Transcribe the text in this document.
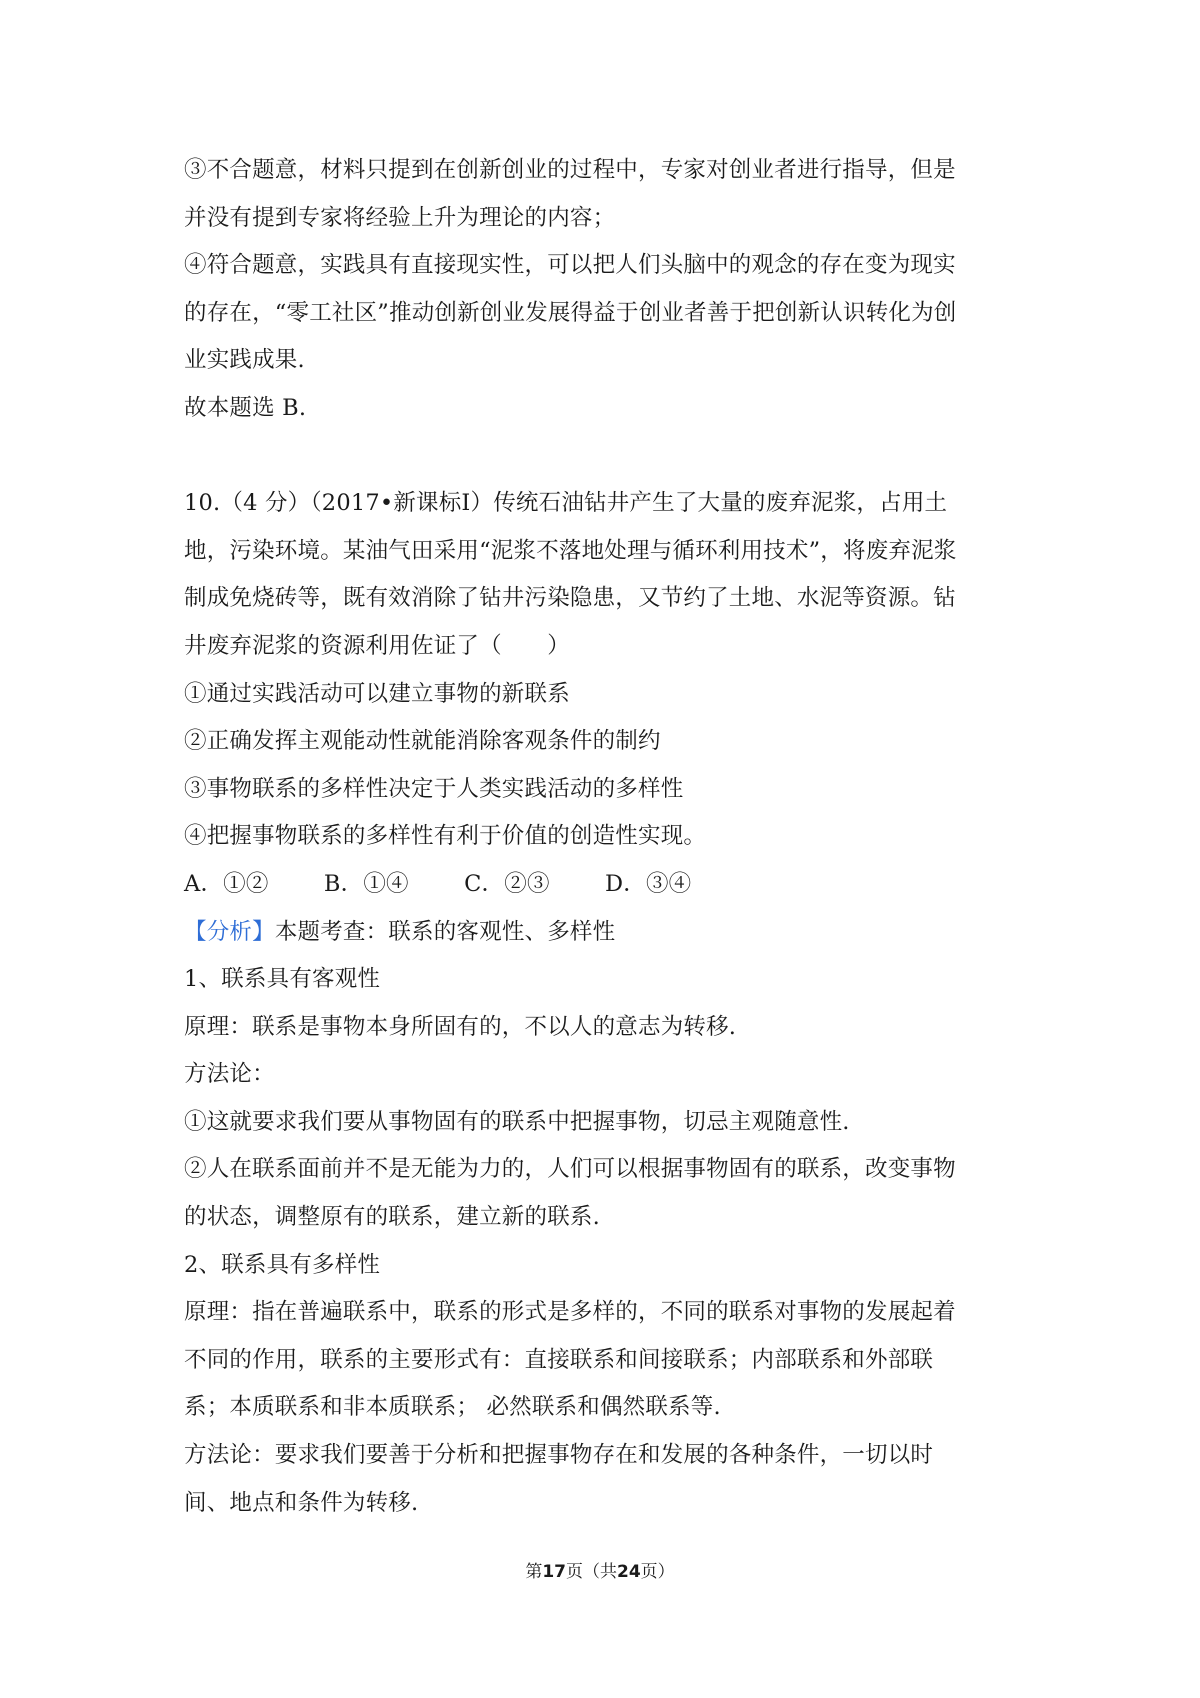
③不合题意，材料只提到在创新创业的过程中，专家对创业者进行指导，但是
并没有提到专家将经验上升为理论的内容；
④符合题意，实践具有直接现实性，可以把人们头脑中的观念的存在变为现实
的存在，“零工社区”推动创新创业发展得益于创业者善于把创新认识转化为创
业实践成果.
故本题选 B.
10.（4 分）（2017•新课标Ⅰ）传统石油钻井产生了大量的废弃泥浆，占用土
地，污染环境。某油气田采用“泥浆不落地处理与循环利用技术”，将废弃泥浆
制成免烧砖等，既有效消除了钻井污染隐患，又节约了土地、水泥等资源。钻
井废弃泥浆的资源利用佐证了（　　）
①通过实践活动可以建立事物的新联系
②正确发挥主观能动性就能消除客观条件的制约
③事物联系的多样性决定于人类实践活动的多样性
④把握事物联系的多样性有利于价值的创造性实现。
A．①② B．①④ C．②③ D．③④
【分析】本题考查：联系的客观性、多样性
1、联系具有客观性
原理：联系是事物本身所固有的，不以人的意志为转移.
方法论：
①这就要求我们要从事物固有的联系中把握事物，切忌主观随意性.
②人在联系面前并不是无能为力的，人们可以根据事物固有的联系，改变事物
的状态，调整原有的联系，建立新的联系.
2、联系具有多样性
原理：指在普遍联系中，联系的形式是多样的，不同的联系对事物的发展起着
不同的作用，联系的主要形式有：直接联系和间接联系；内部联系和外部联
系；本质联系和非本质联系； 必然联系和偶然联系等.
方法论：要求我们要善于分析和把握事物存在和发展的各种条件，一切以时
间、地点和条件为转移.
第17页（共24页）
